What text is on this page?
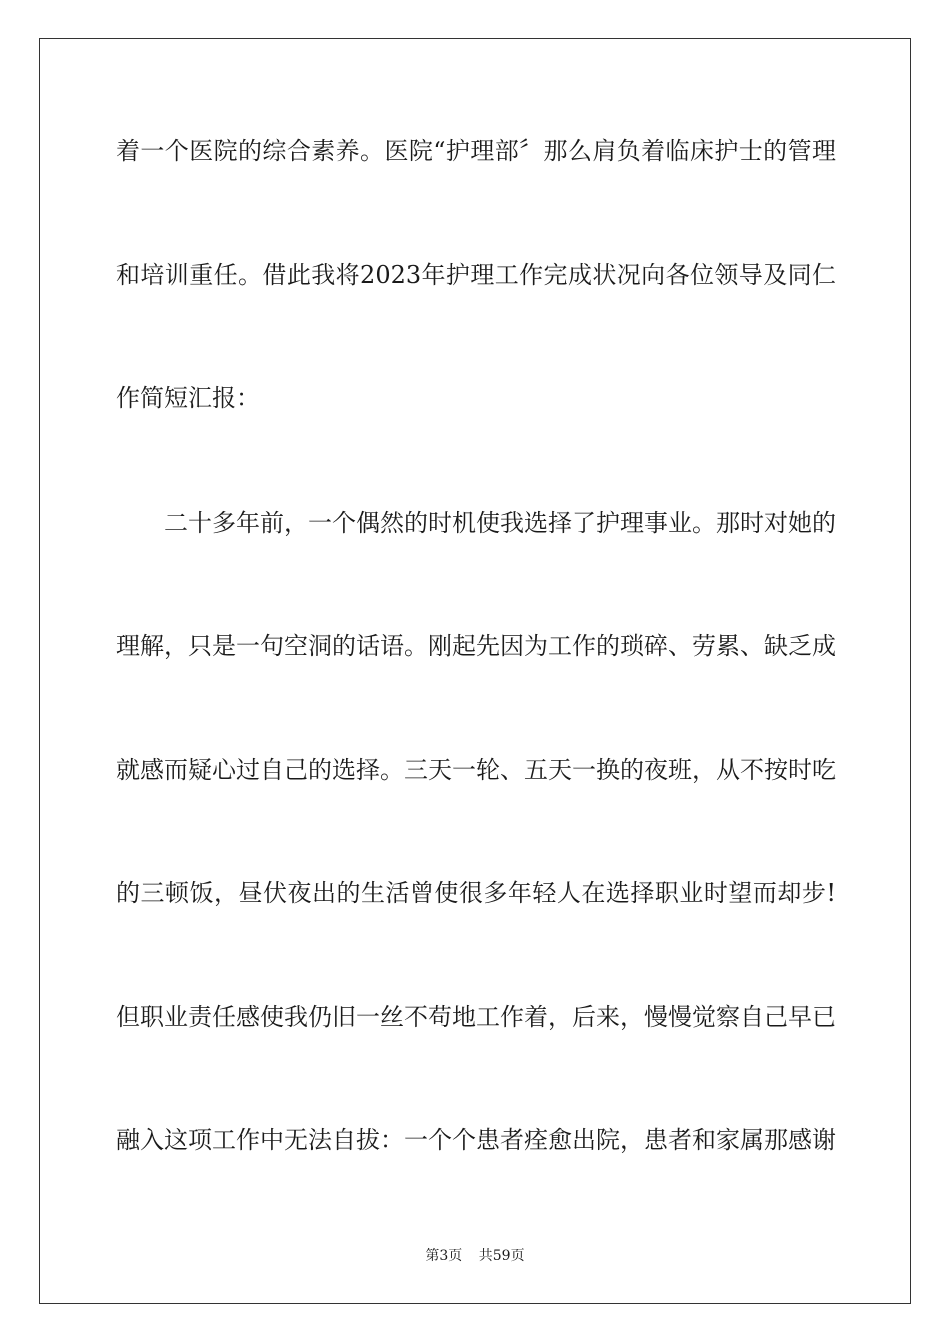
着一个医院的综合素养。医院“护理部〞那么肩负着临床护士的管理
和培训重任。借此我将2023年护理工作完成状况向各位领导及同仁
作简短汇报：
二十多年前，一个偶然的时机使我选择了护理事业。那时对她的
理解，只是一句空洞的话语。刚起先因为工作的琐碎、劳累、缺乏成
就感而疑心过自己的选择。三天一轮、五天一换的夜班，从不按时吃
的三顿饭，昼伏夜出的生活曾使很多年轻人在选择职业时望而却步!
但职业责任感使我仍旧一丝不苟地工作着，后来，慢慢觉察自己早已
融入这项工作中无法自拔：一个个患者痊愈出院，患者和家属那感谢
第3页 共59页
